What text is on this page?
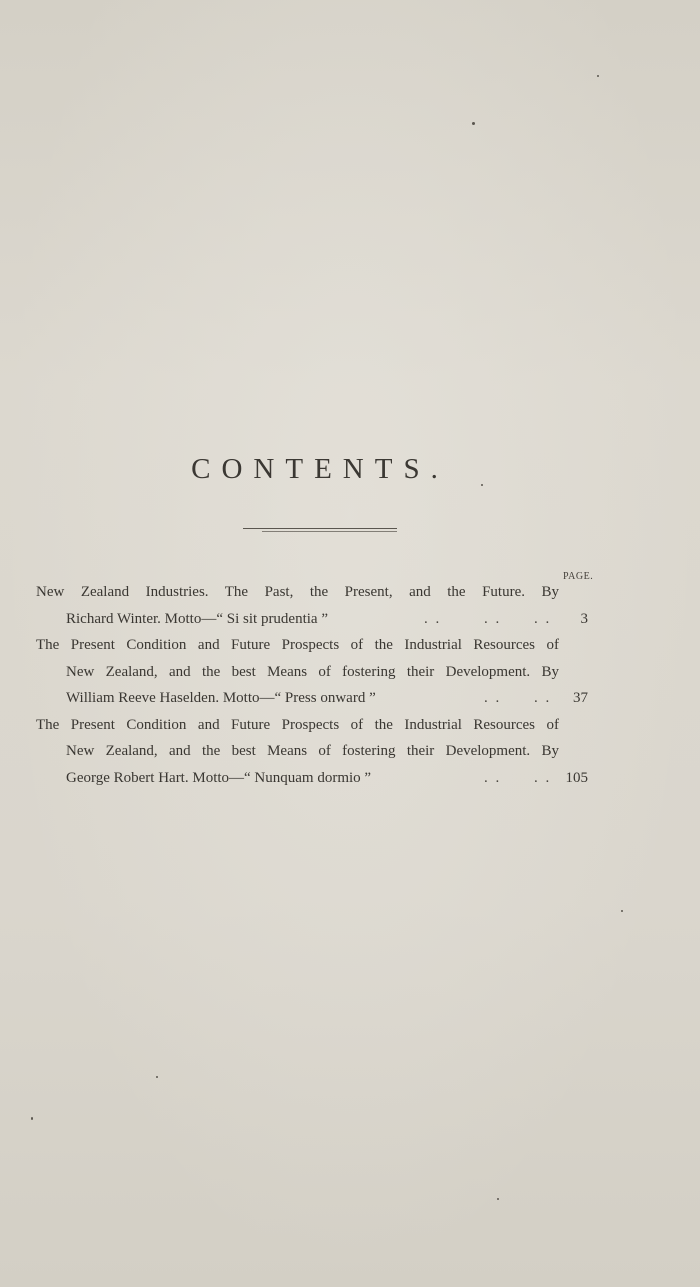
CONTENTS.
PAGE.
New Zealand Industries. The Past, the Present, and the Future. By
Richard Winter. Motto—“ Si sit prudentia ”	. .	. . . .	3
The Present Condition and Future Prospects of the Industrial Resources of
New Zealand, and the best Means of fostering their Development. By
William Reeve Haselden. Motto—“ Press onward ”	. . . .	37
The Present Condition and Future Prospects of the Industrial Resources of
New Zealand, and the best Means of fostering their Development. By
George Robert Hart. Motto—“ Nunquam dormio ”	. . . . 105
